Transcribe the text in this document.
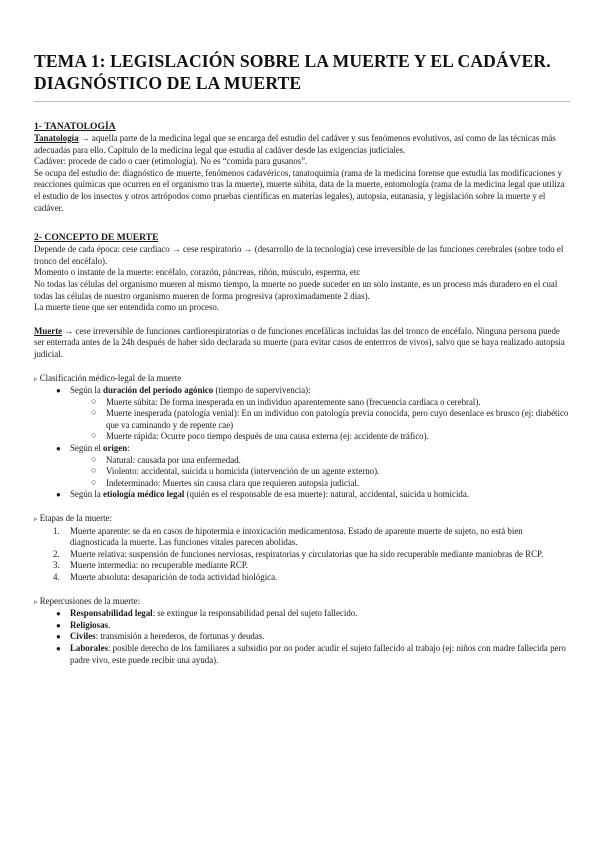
TEMA 1: LEGISLACIÓN SOBRE LA MUERTE Y EL CADÁVER. DIAGNÓSTICO DE LA MUERTE
1- TANATOLOGÍA

Tanatología → aquella parte de la medicina legal que se encarga del estudio del cadáver y sus fenómenos evolutivos, así como de las técnicas más adecuadas para ello. Capítulo de la medicina legal que estudia al cadáver desde las exigencias judiciales.

Cadáver: procede de cado o caer (etimología). No es “comida para gusanos”.

Se ocupa del estudio de: diagnóstico de muerte, fenómenos cadavéricos, tanatoquimia (rama de la medicina forense que estudia las modificaciones y reacciones químicas que ocurren en el organismo tras la muerte), muerte súbita, data de la muerte, entomología (rama de la medicina legal que utiliza el estudio de los insectos y otros artrópodos como pruebas científicas en materias legales), autopsia, eutanasia, y legislación sobre la muerte y el cadáver.

2- CONCEPTO DE MUERTE

Depende de cada época: cese cardiaco → cese respiratorio → (desarrollo de la tecnología) cese irreversible de las funciones cerebrales (sobre todo el tronco del encéfalo).

Momento o instante de la muerte: encéfalo, corazón, páncreas, riñón, músculo, esperma, etc

No todas las células del organismo mueren al mismo tiempo, la muerte no puede suceder en un solo instante, es un proceso más duradero en el cual todas las células de nuestro organismo mueren de forma progresiva (aproximadamente 2 días).

La muerte tiene que ser entendida como un proceso.

Muerte → cese irreversible de funciones cardiorespiratorias o de funciones encefálicas incluidas las del tronco de encéfalo. Ninguna persona puede ser enterrada antes de la 24h después de haber sido declarada su muerte (para evitar casos de enterrros de vivos), salvo que se haya realizado autopsia judicial.

▹ Clasificación médico-legal de la muerte
● Según la duración del período agónico (tiempo de supervivencia):
○ Muerte súbita: De forma inesperada en un individuo aparentemente sano (frecuencia cardiaca o cerebral).
○ Muerte inesperada (patología venial): En un individuo con patología previa conocida, pero cuyo desenlace es brusco (ej: diabético que va caminando y de repente cae)
○ Muerte rápida: Ocurre poco tiempo después de una causa externa (ej: accidente de tráfico).
● Según el origen:
○ Natural: causada por una enfermedad.
○ Violento: accidental, suicida u homicida (intervención de un agente externo).
○ Indeterminado: Muertes sin causa clara que requieren autopsia judicial.
● Según la etiología médico legal (quién es el responsable de esa muerte): natural, accidental, suicida u homicida.
▹ Etapas de la muerte:
1. Muerte aparente: se da en casos de hipotermia e intoxicación medicamentosa. Estado de aparente muerte de sujeto, no está bien diagnosticada la muerte. Las funciones vitales parecen abolidas.
2. Muerte relativa: suspensión de funciones nerviosas, respiratorias y circulatorias que ha sido recuperable mediante maniobras de RCP.
3. Muerte intermedia: no recuperable mediante RCP.
4. Muerte absoluta: desaparición de toda actividad biológica.
▹ Repercusiones de la muerte:
● Responsabilidad legal: se extingue la responsabilidad penal del sujeto fallecido.
● Religiosas.
● Civiles: transmisión a herederos, de fortunas y deudas.
● Laborales: posible derecho de los familiares a subsidio por no poder acudir el sujeto fallecido al trabajo (ej: niños con madre fallecida pero padre vivo, este puede recibir una ayuda).
